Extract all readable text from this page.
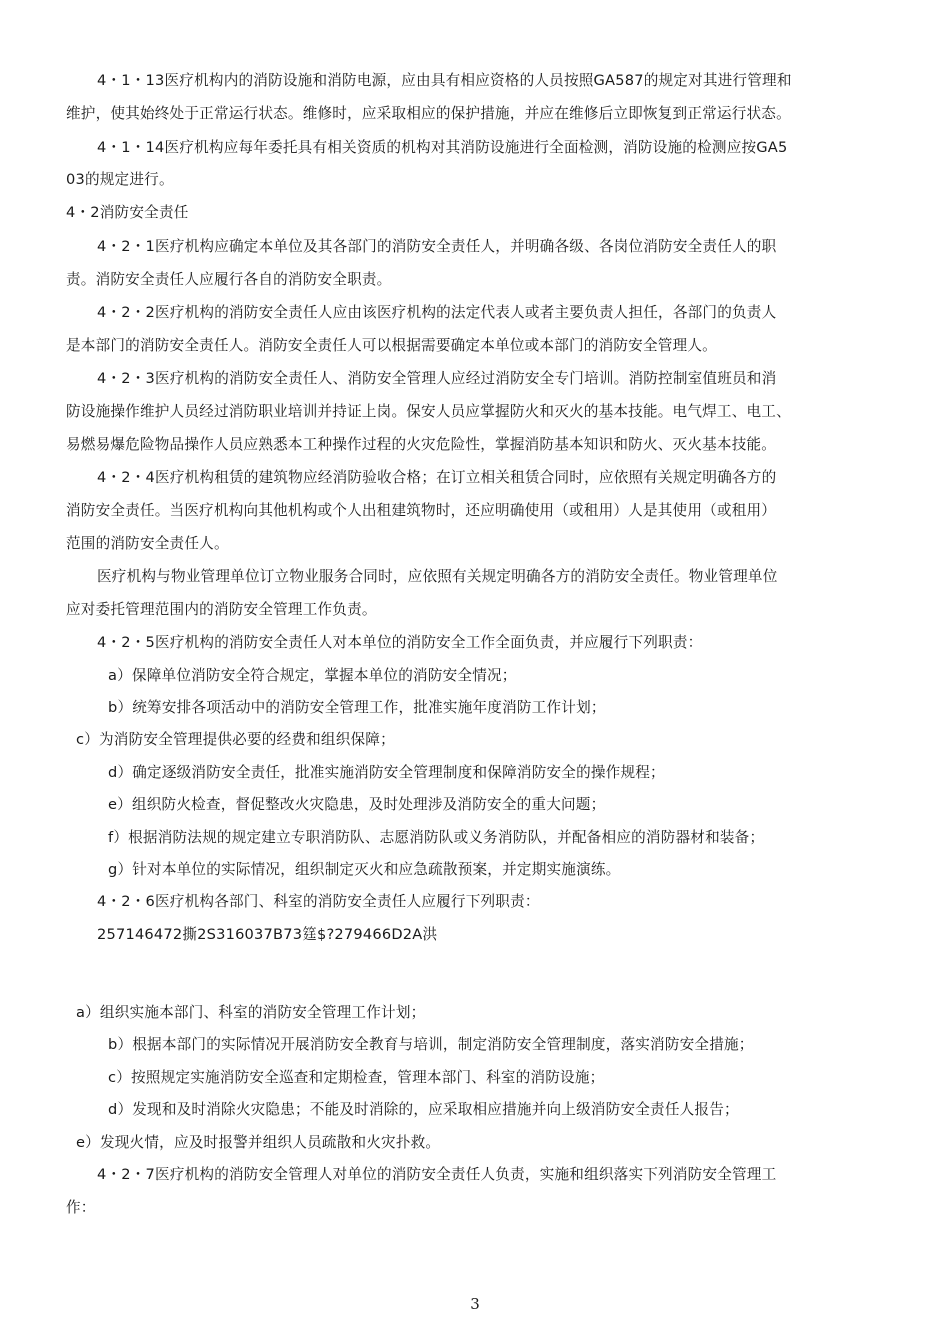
4・1・13医疗机构内的消防设施和消防电源，应由具有相应资格的人员按照GA587的规定对其进行管理和
维护，使其始终处于正常运行状态。维修时，应采取相应的保护措施，并应在维修后立即恢复到正常运行状态。
4・1・14医疗机构应每年委托具有相关资质的机构对其消防设施进行全面检测，消防设施的检测应按GA5
03的规定进行。
4・2消防安全责任
4・2・1医疗机构应确定本单位及其各部门的消防安全责任人，并明确各级、各岗位消防安全责任人的职
责。消防安全责任人应履行各自的消防安全职责。
4・2・2医疗机构的消防安全责任人应由该医疗机构的法定代表人或者主要负责人担任，各部门的负责人
是本部门的消防安全责任人。消防安全责任人可以根据需要确定本单位或本部门的消防安全管理人。
4・2・3医疗机构的消防安全责任人、消防安全管理人应经过消防安全专门培训。消防控制室值班员和消
防设施操作维护人员经过消防职业培训并持证上岗。保安人员应掌握防火和灭火的基本技能。电气焊工、电工、
易燃易爆危险物品操作人员应熟悉本工种操作过程的火灾危险性，掌握消防基本知识和防火、灭火基本技能。
4・2・4医疗机构租赁的建筑物应经消防验收合格；在订立相关租赁合同时，应依照有关规定明确各方的
消防安全责任。当医疗机构向其他机构或个人出租建筑物时，还应明确使用（或租用）人是其使用（或租用）
范围的消防安全责任人。
医疗机构与物业管理单位订立物业服务合同时，应依照有关规定明确各方的消防安全责任。物业管理单位
应对委托管理范围内的消防安全管理工作负责。
4・2・5医疗机构的消防安全责任人对本单位的消防安全工作全面负责，并应履行下列职责：
a）保障单位消防安全符合规定，掌握本单位的消防安全情况；
b）统筹安排各项活动中的消防安全管理工作，批准实施年度消防工作计划；
c）为消防安全管理提供必要的经费和组织保障；
d）确定逐级消防安全责任，批准实施消防安全管理制度和保障消防安全的操作规程；
e）组织防火检查，督促整改火灾隐患，及时处理涉及消防安全的重大问题；
f）根据消防法规的规定建立专职消防队、志愿消防队或义务消防队，并配备相应的消防器材和装备；
g）针对本单位的实际情况，组织制定灭火和应急疏散预案，并定期实施演练。
4・2・6医疗机构各部门、科室的消防安全责任人应履行下列职责：
257146472撕2S316037B73筳$?279466D2A洪
a）组织实施本部门、科室的消防安全管理工作计划；
b）根据本部门的实际情况开展消防安全教育与培训，制定消防安全管理制度，落实消防安全措施；
c）按照规定实施消防安全巡查和定期检查，管理本部门、科室的消防设施；
d）发现和及时消除火灾隐患；不能及时消除的，应采取相应措施并向上级消防安全责任人报告；
e）发现火情，应及时报警并组织人员疏散和火灾扑救。
4・2・7医疗机构的消防安全管理人对单位的消防安全责任人负责，实施和组织落实下列消防安全管理工
作：
3
